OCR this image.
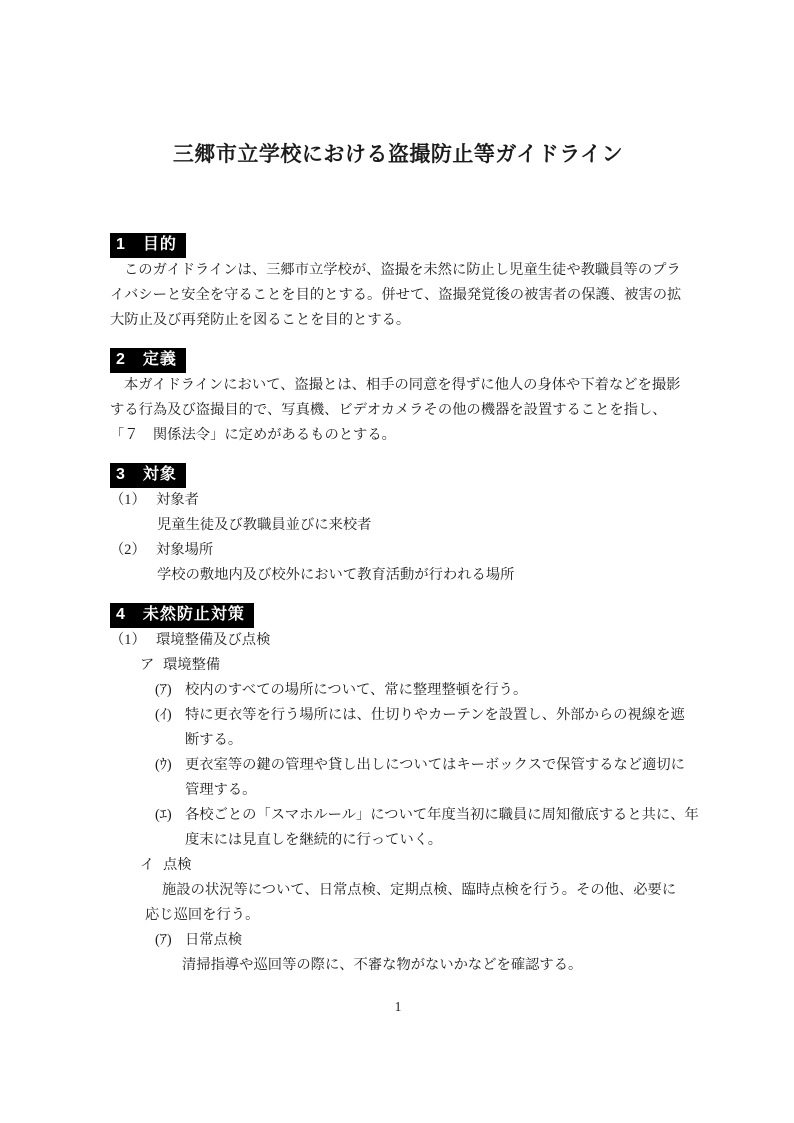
三郷市立学校における盗撮防止等ガイドライン
1　目的
このガイドラインは、三郷市立学校が、盗撮を未然に防止し児童生徒や教職員等のプラ
イバシーと安全を守ることを目的とする。併せて、盗撮発覚後の被害者の保護、被害の拡
大防止及び再発防止を図ることを目的とする。
2　定義
本ガイドラインにおいて、盗撮とは、相手の同意を得ずに他人の身体や下着などを撮影
する行為及び盗撮目的で、写真機、ビデオカメラその他の機器を設置することを指し、
「７　関係法令」に定めがあるものとする。
3　対象
（1） 対象者
児童生徒及び教職員並びに来校者
（2） 対象場所
学校の敷地内及び校外において教育活動が行われる場所
4　未然防止対策
（1） 環境整備及び点検
ア 環境整備
(ｱ) 校内のすべての場所について、常に整理整頓を行う。
(ｲ) 特に更衣等を行う場所には、仕切りやカーテンを設置し、外部からの視線を遮
断する。
(ｳ) 更衣室等の鍵の管理や貸し出しについてはキーボックスで保管するなど適切に
管理する。
(ｴ) 各校ごとの「スマホルール」について年度当初に職員に周知徹底すると共に、年
度末には見直しを継続的に行っていく。
イ 点検
施設の状況等について、日常点検、定期点検、臨時点検を行う。その他、必要に
応じ巡回を行う。
(ｱ) 日常点検
清掃指導や巡回等の際に、不審な物がないかなどを確認する。
1
